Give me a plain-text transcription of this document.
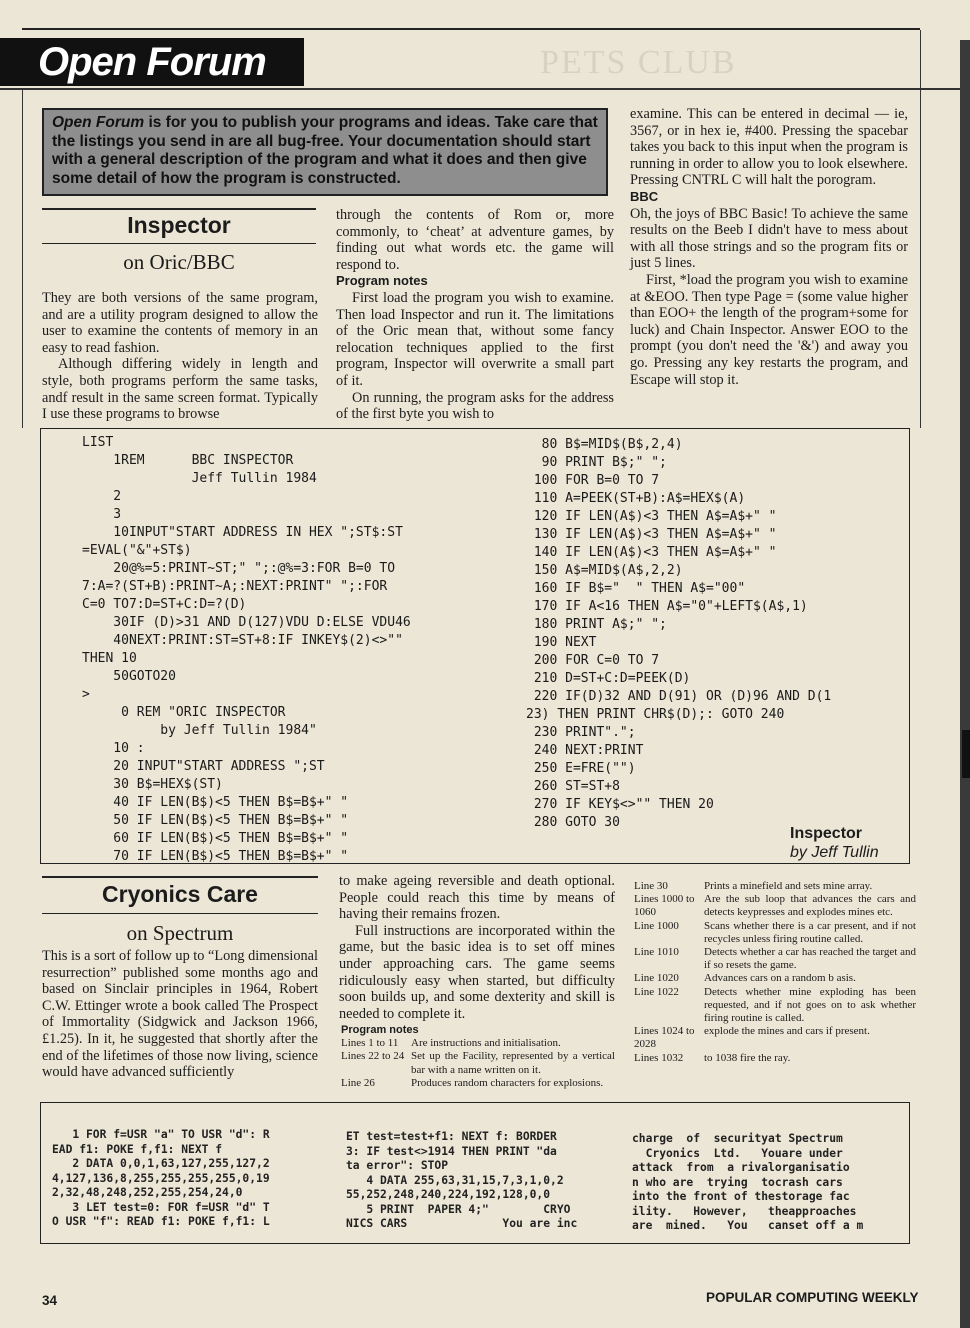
PETS CLUB
Open Forum
Open Forum is for you to publish your programs and ideas. Take care that the listings you send in are all bug-free. Your documentation should start with a general description of the program and what it does and then give some detail of how the program is constructed.
Inspector
on Oric/BBC

They are both versions of the same program, and are a utility program designed to allow the user to examine the contents of memory in an easy to read fashion.

Although differing widely in length and style, both programs perform the same tasks, andf result in the same screen format. Typically I use these programs to browse

through the contents of Rom or, more commonly, to ‘cheat’ at adventure games, by finding out what words etc. the game will respond to.

Program notes

First load the program you wish to examine. Then load Inspector and run it. The limitations of the Oric mean that, without some fancy relocation techniques applied to the first program, Inspector will overwrite a small part of it.

On running, the program asks for the address of the first byte you wish to

examine. This can be entered in decimal — ie, 3567, or in hex ie, #400. Pressing the spacebar takes you back to this input when the program is running in order to allow you to look elsewhere. Pressing CNTRL C will halt the porogram.

BBC

Oh, the joys of BBC Basic! To achieve the same results on the Beeb I didn't have to mess about with all those strings and so the program fits or just 5 lines.

First, *load the program you wish to examine at &EOO. Then type Page = (some value higher than EOO+ the length of the program+some for luck) and Chain Inspector. Answer EOO to the prompt (you don't need the '&') and away you go. Pressing any key restarts the program, and Escape will stop it.

LIST
1REM      BBC INSPECTOR
Jeff Tullin 1984
2
3
10INPUT"START ADDRESS IN HEX ";ST$:ST
=EVAL("&"+ST$)
20@%=5:PRINT~ST;" ";:@%=3:FOR B=0 TO
7:A=?(ST+B):PRINT~A;:NEXT:PRINT" ";:FOR
C=0 TO7:D=ST+C:D=?(D)
30IF (D)>31 AND D(127)VDU D:ELSE VDU46
40NEXT:PRINT:ST=ST+8:IF INKEY$(2)<>""
THEN 10
50GOTO20
>
0 REM "ORIC INSPECTOR
by Jeff Tullin 1984"
10 :
20 INPUT"START ADDRESS ";ST
30 B$=HEX$(ST)
40 IF LEN(B$)<5 THEN B$=B$+" "
50 IF LEN(B$)<5 THEN B$=B$+" "
60 IF LEN(B$)<5 THEN B$=B$+" "
70 IF LEN(B$)<5 THEN B$=B$+" "
80 B$=MID$(B$,2,4)
90 PRINT B$;" ";
100 FOR B=0 TO 7
110 A=PEEK(ST+B):A$=HEX$(A)
120 IF LEN(A$)<3 THEN A$=A$+" "
130 IF LEN(A$)<3 THEN A$=A$+" "
140 IF LEN(A$)<3 THEN A$=A$+" "
150 A$=MID$(A$,2,2)
160 IF B$="  " THEN A$="00"
170 IF A<16 THEN A$="0"+LEFT$(A$,1)
180 PRINT A$;" ";
190 NEXT
200 FOR C=0 TO 7
210 D=ST+C:D=PEEK(D)
220 IF(D)32 AND D(91) OR (D)96 AND D(1
23) THEN PRINT CHR$(D);: GOTO 240
230 PRINT".";
240 NEXT:PRINT
250 E=FRE("")
260 ST=ST+8
270 IF KEY$<>"" THEN 20
280 GOTO 30
Inspector
by Jeff Tullin
Cryonics Care
on Spectrum

This is a sort of follow up to “Long dimensional resurrection” published some months ago and based on Sinclair principles in 1964, Robert C.W. Ettinger wrote a book called The Prospect of Immortality (Sidgwick and Jackson 1966, £1.25). In it, he suggested that shortly after the end of the lifetimes of those now living, science would have advanced sufficiently

to make ageing reversible and death optional. People could reach this time by means of having their remains frozen.

Full instructions are incorporated within the game, but the basic idea is to set off mines under approaching cars. The game seems ridiculously easy when started, but difficulty soon builds up, and some dexterity and skill is needed to complete it.

Program notes
Lines 1 to 11	Are instructions and initialisation.
Lines 22 to 24 Set up the Facility, represented by a vertical bar with a name written on it.
Line 26	Produces random characters for explosions.
Line 30	Prints a minefield and sets mine array.
Lines 1000 to 1060
Are the sub loop that advances the cars and detects keypresses and explodes mines etc.
Line 1000	Scans whether there is a car present, and if not recycles unless firing routine called.
Line 1010	Detects whether a car has reached the target and if so resets the game.
Line 1020	Advances cars on a random b asis.
Line 1022	Detects whether mine exploding has been requested, and if not goes on to ask whether firing routine is called.
Lines 1024 to 2028
explode the mines and cars if present.
Lines 1032	to 1038 fire the ray.
1 FOR f=USR "a" TO USR "d": R
EAD f1: POKE f,f1: NEXT f
2 DATA 0,0,1,63,127,255,127,2
4,127,136,8,255,255,255,255,0,19
2,32,48,248,252,255,254,24,0
3 LET test=0: FOR f=USR "d" T
O USR "f": READ f1: POKE f,f1: L
ET test=test+f1: NEXT f: BORDER
3: IF test<>1914 THEN PRINT "da
ta error": STOP
4 DATA 255,63,31,15,7,3,1,0,2
55,252,248,240,224,192,128,0,0
5 PRINT  PAPER 4;"        CRYO
NICS CARS              You are inc
charge  of  securityat Spectrum
Cryonics  Ltd.   Youare under
attack  from  a rivalorganisatio
n who are  trying  tocrash cars
into the front of thestorage fac
ility.   However,   theapproaches
are  mined.   You   canset off a m
34	POPULAR COMPUTING WEEKLY
